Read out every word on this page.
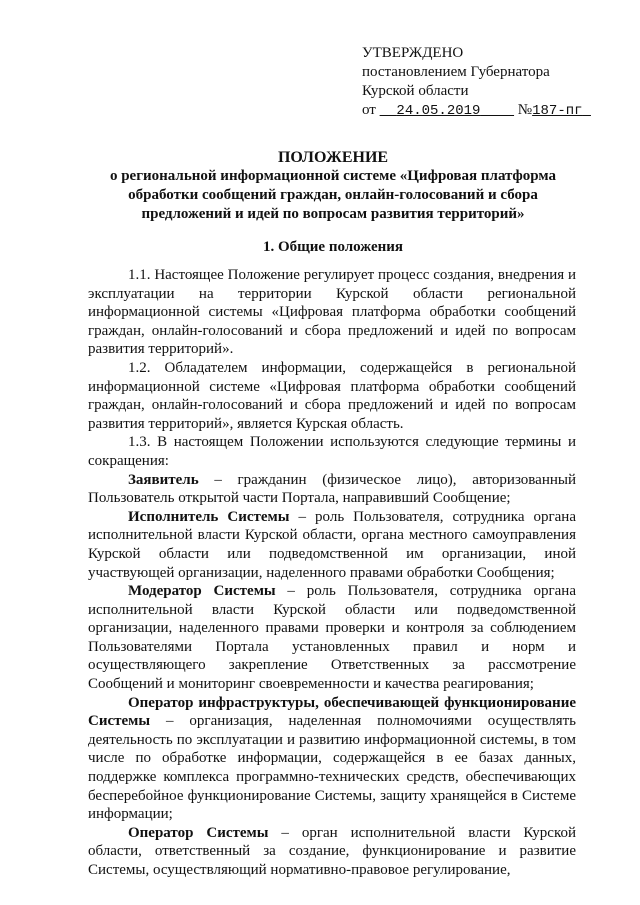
УТВЕРЖДЕНО
постановлением Губернатора
Курской области
от 24.05.2019 №187-пг
ПОЛОЖЕНИЕ
о региональной информационной системе «Цифровая платформа обработки сообщений граждан, онлайн-голосований и сбора предложений и идей по вопросам развития территорий»
1. Общие положения

1.1. Настоящее Положение регулирует процесс создания, внедрения и эксплуатации на территории Курской области региональной информационной системы «Цифровая платформа обработки сообщений граждан, онлайн-голосований и сбора предложений и идей по вопросам развития территорий».

1.2. Обладателем информации, содержащейся в региональной информационной системе «Цифровая платформа обработки сообщений граждан, онлайн-голосований и сбора предложений и идей по вопросам развития территорий», является Курская область.

1.3. В настоящем Положении используются следующие термины и сокращения:

Заявитель – гражданин (физическое лицо), авторизованный Пользователь открытой части Портала, направивший Сообщение;

Исполнитель Системы – роль Пользователя, сотрудника органа исполнительной власти Курской области, органа местного самоуправления Курской области или подведомственной им организации, иной участвующей организации, наделенного правами обработки Сообщения;

Модератор Системы – роль Пользователя, сотрудника органа исполнительной власти Курской области или подведомственной организации, наделенного правами проверки и контроля за соблюдением Пользователями Портала установленных правил и норм и осуществляющего закрепление Ответственных за рассмотрение Сообщений и мониторинг своевременности и качества реагирования;

Оператор инфраструктуры, обеспечивающей функционирование Системы – организация, наделенная полномочиями осуществлять деятельность по эксплуатации и развитию информационной системы, в том числе по обработке информации, содержащейся в ее базах данных, поддержке комплекса программно-технических средств, обеспечивающих бесперебойное функционирование Системы, защиту хранящейся в Системе информации;

Оператор Системы – орган исполнительной власти Курской области, ответственный за создание, функционирование и развитие Системы, осуществляющий нормативно-правовое регулирование,
